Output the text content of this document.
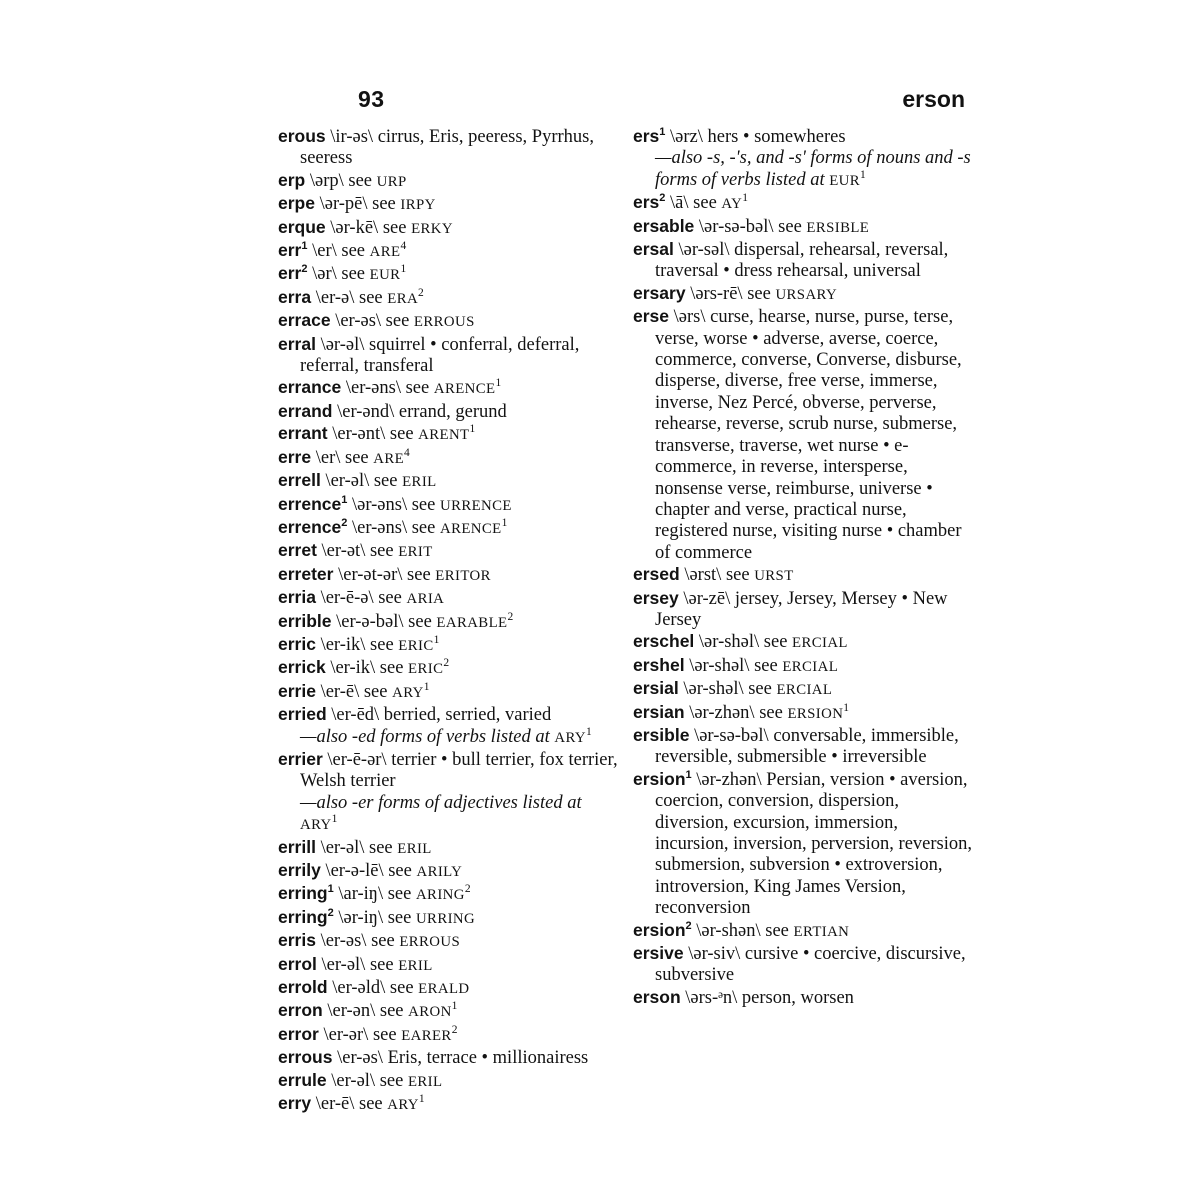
93	erson
erous \ir-əs\ cirrus, Eris, peeress, Pyrrhus, seeress
erp \ərp\ see URP
erpe \ər-pē\ see IRPY
erque \ər-kē\ see ERKY
err$^1$ \er\ see ARE$^4$
err$^2$ \ər\ see EUR$^1$
erra \er-ə\ see ERA$^2$
errace \er-əs\ see ERROUS
erral \ər-əl\ squirrel • conferral, deferral, referral, transferal
errance \er-əns\ see ARENCE$^1$
errand \er-ənd\ errand, gerund
errant \er-ənt\ see ARENT$^1$
erre \er\ see ARE$^4$
errell \er-əl\ see ERIL
errence$^1$ \ər-əns\ see URRENCE
errence$^2$ \er-əns\ see ARENCE$^1$
erret \er-ət\ see ERIT
erreter \er-ət-ər\ see ERITOR
erria \er-ē-ə\ see ARIA
errible \er-ə-bəl\ see EARABLE$^2$
erric \er-ik\ see ERIC$^1$
errick \er-ik\ see ERIC$^2$
errie \er-ē\ see ARY$^1$
erried \er-ēd\ berried, serried, varied
—also -ed forms of verbs listed at ARY$^1$
errier \er-ē-ər\ terrier • bull terrier, fox terrier, Welsh terrier
—also -er forms of adjectives listed at ARY$^1$
errill \er-əl\ see ERIL
errily \er-ə-lē\ see ARILY
erring$^1$ \ar-iŋ\ see ARING$^2$
erring$^2$ \ər-iŋ\ see URRING
erris \er-əs\ see ERROUS
errol \er-əl\ see ERIL
errold \er-əld\ see ERALD
erron \er-ən\ see ARON$^1$
error \er-ər\ see EARER$^2$
errous \er-əs\ Eris, terrace • millionairess
errule \er-əl\ see ERIL
erry \er-ē\ see ARY$^1$
ers$^1$ \ərz\ hers • somewheres
—also -s, -'s, and -s' forms of nouns and -s forms of verbs listed at EUR$^1$
ers$^2$ \ā\ see $AY^1$
ersable \ər-sə-bəl\ see ERSIBLE
ersal \ər-səl\ dispersal, rehearsal, reversal, traversal • dress rehearsal, universal
ersary \ərs-rē\ see URSARY
erse \ərs\ curse, hearse, nurse, purse, terse, verse, worse • adverse, averse, coerce, commerce, converse, Converse, disburse, disperse, diverse, free verse, immerse, inverse, Nez Percé, obverse, perverse, rehearse, reverse, scrub nurse, submerse, transverse, traverse, wet nurse • e-commerce, in reverse, intersperse, nonsense verse, reimburse, universe • chapter and verse, practical nurse, registered nurse, visiting nurse • chamber of commerce
ersed \ərst\ see URST
ersey \ər-zē\ jersey, Jersey, Mersey • New Jersey
erschel \ər-shəl\ see ERCIAL
ershel \ər-shəl\ see ERCIAL
ersial \ər-shəl\ see ERCIAL
ersian \ər-zhən\ see ERSION$^1$
ersible \ər-sə-bəl\ conversable, immersible, reversible, submersible • irreversible
ersion$^1$ \ər-zhən\ Persian, version • aversion, coercion, conversion, dispersion, diversion, excursion, immersion, incursion, inversion, perversion, reversion, submersion, subversion • extroversion, introversion, King James Version, reconversion
ersion$^2$ \ər-shən\ see ERTIAN
ersive \ər-siv\ cursive • coercive, discursive, subversive
erson \ərs-ᵊn\ person, worsen
